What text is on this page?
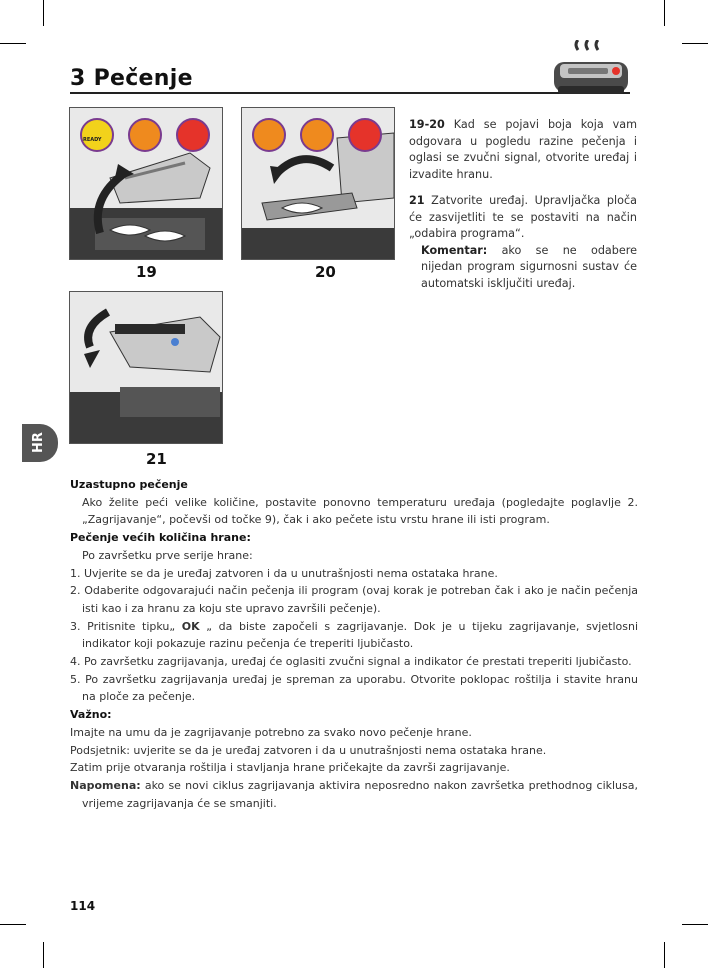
3 Pečenje
READY
19	20
21

19-20 Kad se pojavi boja koja vam odgovara u pogledu razine pečenja i oglasi se zvučni signal, otvorite uređaj i izvadite hranu.

21 Zatvorite uređaj. Upravljačka ploča će zasvijetliti te se postaviti na način „odabira programa“.

Komentar: ako se ne odabere nijedan program sigurnosni sustav će automatski isključiti uređaj.

HR

Uzastupno pečenje

Ako želite peći velike količine, postavite ponovno temperaturu uređaja (pogledajte poglavlje 2. „Zagrijavanje“, počevši od točke 9), čak i ako pečete istu vrstu hrane ili isti program.

Pečenje većih količina hrane:

Po završetku prve serije hrane:

1. Uvjerite se da je uređaj zatvoren i da u unutrašnjosti nema ostataka hrane.

2. Odaberite odgovarajući način pečenja ili program (ovaj korak je potreban čak i ako je način pečenja isti kao i za hranu za koju ste upravo završili pečenje).

3. Pritisnite tipku„ OK „ da biste započeli s zagrijavanje. Dok je u tijeku zagrijavanje, svjetlosni indikator koji pokazuje razinu pečenja će treperiti ljubičasto.

4. Po završetku zagrijavanja, uređaj će oglasiti zvučni signal a indikator će prestati treperiti ljubičasto.

5. Po završetku zagrijavanja uređaj je spreman za uporabu. Otvorite poklopac roštilja i stavite hranu na ploče za pečenje.

Važno:

Imajte na umu da je zagrijavanje potrebno za svako novo pečenje hrane.

Podsjetnik: uvjerite se da je uređaj zatvoren i da u unutrašnjosti nema ostataka hrane.

Zatim prije otvaranja roštilja i stavljanja hrane pričekajte da završi zagrijavanje.

Napomena: ako se novi ciklus zagrijavanja aktivira neposredno nakon završetka prethodnog ciklusa, vrijeme zagrijavanja će se smanjiti.

114
